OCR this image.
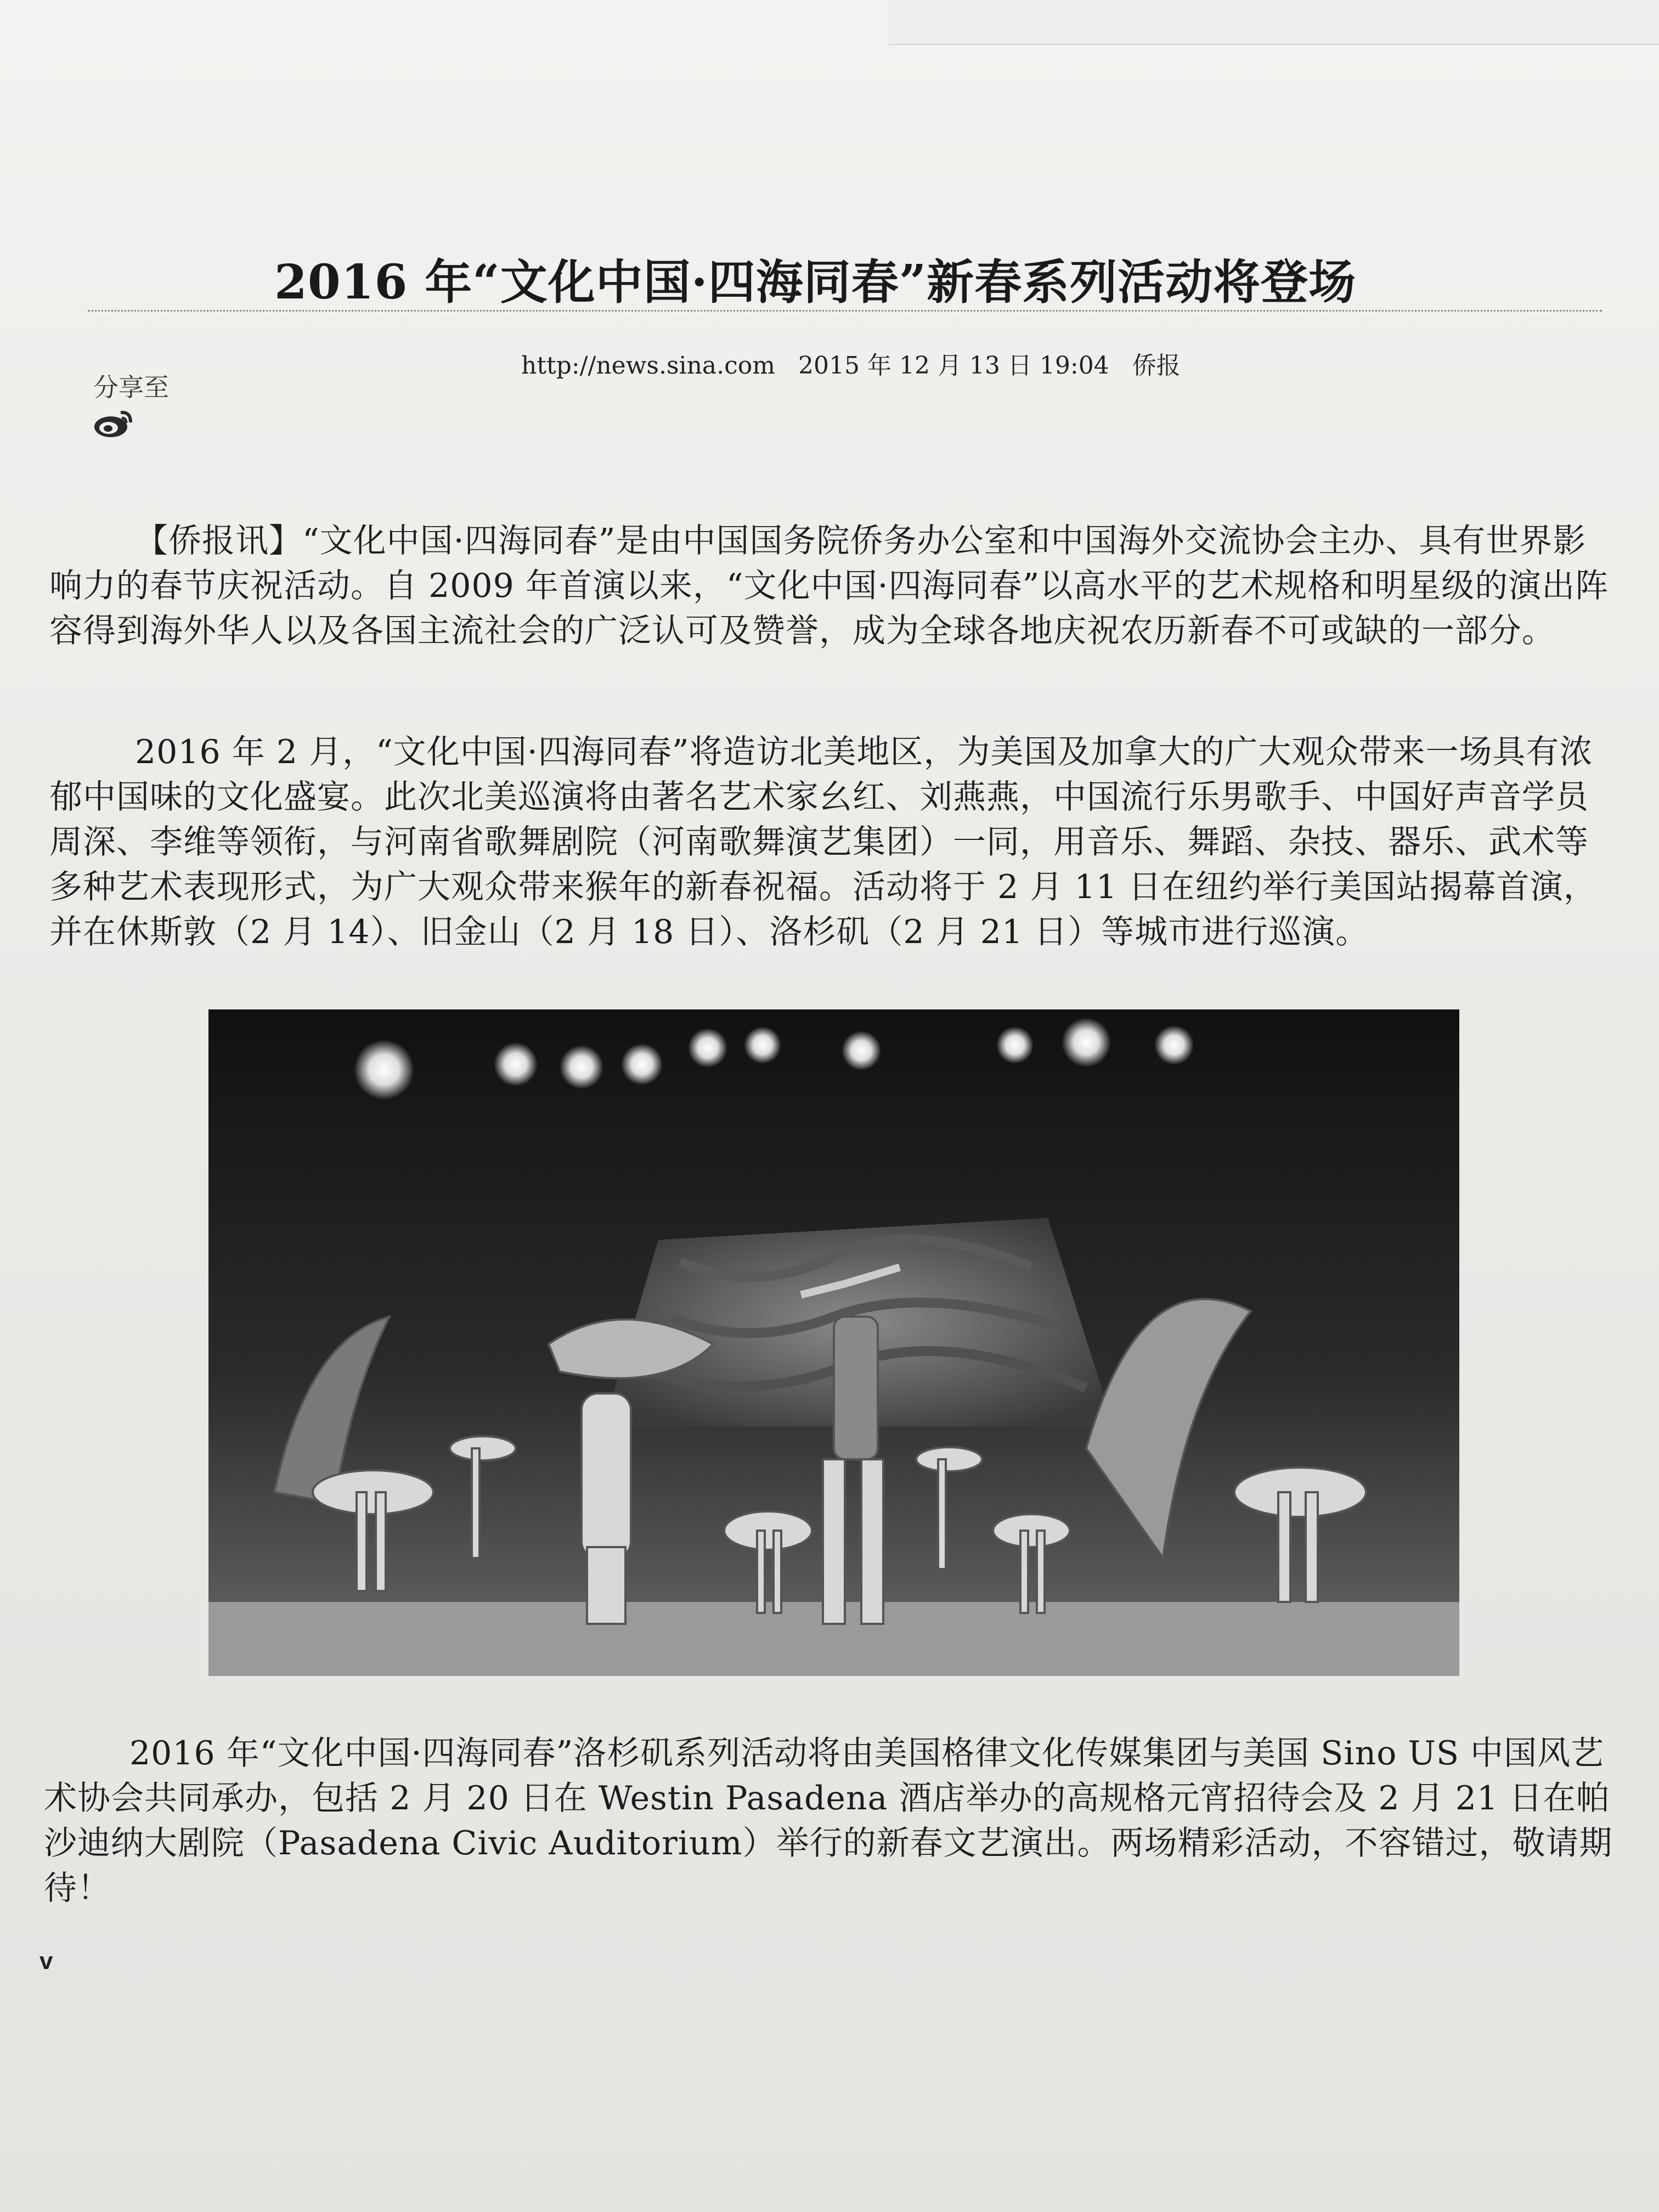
2016 年“文化中国·四海同春”新春系列活动将登场
http://news.sina.com 2015 年 12 月 13 日 19:04 侨报
分享至

【侨报讯】“文化中国·四海同春”是由中国国务院侨务办公室和中国海外交流协会主办、具有世界影响力的春节庆祝活动。自 2009 年首演以来，“文化中国·四海同春”以高水平的艺术规格和明星级的演出阵容得到海外华人以及各国主流社会的广泛认可及赞誉，成为全球各地庆祝农历新春不可或缺的一部分。

2016 年 2 月，“文化中国·四海同春”将造访北美地区，为美国及加拿大的广大观众带来一场具有浓郁中国味的文化盛宴。此次北美巡演将由著名艺术家幺红、刘燕燕，中国流行乐男歌手、中国好声音学员周深、李维等领衔，与河南省歌舞剧院（河南歌舞演艺集团）一同，用音乐、舞蹈、杂技、器乐、武术等多种艺术表现形式，为广大观众带来猴年的新春祝福。活动将于 2 月 11 日在纽约举行美国站揭幕首演，并在休斯敦（2 月 14）、旧金山（2 月 18 日）、洛杉矶（2 月 21 日）等城市进行巡演。

2016 年“文化中国·四海同春”洛杉矶系列活动将由美国格律文化传媒集团与美国 Sino US 中国风艺术协会共同承办，包括 2 月 20 日在 Westin Pasadena 酒店举办的高规格元宵招待会及 2 月 21 日在帕沙迪纳大剧院（Pasadena Civic Auditorium）举行的新春文艺演出。两场精彩活动，不容错过，敬请期待！

v
